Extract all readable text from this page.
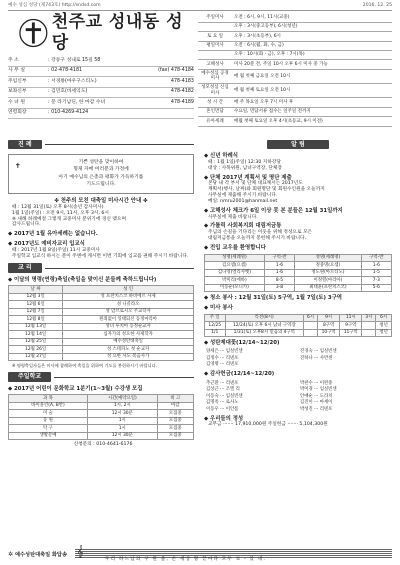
예수 성심 성당 (제743호) http://sndsd.com	2016. 12. 25
천주교 성내동 성당
주 소	: 강동구 성내로 15길 58
사 무 실	: 02-478-4181	(fax) 478-4184
주임신부	: 서경룡(마우구스티노)	478-4183
보좌신부	: 김민호(바세익도)	478-4182
수 녀 원	: 문 라기남딘, 한 마감 수녀	478-4189
연령회장	: 010-4269-4124
주일미사	오전 : 6시, 9시, 11시(교중)
	오후 : 3시(중고등부), 6시(청년)
토 요 일	오후 : 3시(초등부), 6시
평일미사	오전 : 6시(월, 화, 수, 금)
	오후 : 10시(화 · 금), 오후 : 7시(목)
고해성사	미사 20분 전, 주일 10시 오후 6시 미사 중 가능
예수성심 공경미사	매 월 첫째 금요일 오전 10시
성모성심 신심미사	매 월 첫째 토요일 오전 10시
성 시 간	매 주 목요일 오후 7시 미사 후
혼인면담	수요일, 면담서류 접수는 일주일 전까지
유아세례	매월 첫째 토요일 오후 4시(초등교, 9시 이전)
진 례
✝	기쁜 성탄을 맞이하여
형제 자매 여러분과 가정에
아기 예수님의 은총과 평화가 가득하기를
기도드립니다.
✤ 천주의 모친 대축일 미사시간 안내 ✤
때 : 12월 31일(토) 오후 8시(송년 감사미사)
1월 1일(주일) : 오전 9시, 11시, 오후 3시, 6시
※ 새해 하례예절 그렇게 교중미사 분위기에 경신 맺으며
감사드립니다.
◆ 2017년 1월 유아세례는 없습니다.
◆ 2017년도 예비자교리 입교식
때 : 2017년 1월 8일(주일) 11시 교중미사
주일학교 입교식 하시는 분이 주변에 계시면 이번 기회에 입교를 권해 주시기 바랍니다.
교 리
◆ 이달의 명령(연령)축일(축일을 맞이신 분들께 축하드립니다)
날 짜	성 인
12월 3일	성 프란치스코 하비에르 사제
12월 6일	성 니콜라오
12월 7일	성 암브로시오 주교학자
12월 8일	원죄없이 잉태되신 동정마리아
12월 13일	성녀 루치아 동정순교자
12월 14일	십자가의 성요한 사제학자
12월 25일	예수성탄대축일
12월 26일	성 스테파노 첫 순교자
12월 27일	성 요한 사도 복음사가
※ 명령축일자들은 미사에 참례하여 축일을 위하여 기도를 봉헌하시기 바랍니다.
주일학교
◆ 2017년 어린이 문화학교 1분기(1~3월) 수강생 모집
과 목	시간(예약요일)	비 고
바이올린(A, B반)	1시, 2시	마감
미 술	12시 30분	모집중
동 원	1시	모집중
탁 구	1시	모집중
생활문예	12시 30분	모집중
신청문의 : 010-4641-6176
알 림
◆ 신년 하례식
때 : 1월 1일(주일) 12:30 지하강당
대상 : 사목위원, 남녀구역장, 단체장
◆ 단체 2017년 계획서 및 명단 제출
본당 내 각 부서 및 단체 대표께서는 2017년도
계획서(행사, 날짜)와 회원명단 및 회원수인원을 오늘까지
사무실에 제출해 주시기 바랍니다.
메일: nmru2001@hanmail.net
◆ 고해성사 체크가 6일 이상 못 본 분들은 12월 31일까지
사무실에 제출 바랍니다.
◆ 가톨릭 사회복지회 대림저금통
주님의 손길을 기다리는 이웃을 위해 정성으로 모은
대림저금통을 오늘까지 봉헌해 주시기 바랍니다.
◆ 전입 교우를 환영합니다
성명(세례명)	구역-반	성명(세례명)	구역-반
김요셉(요셉)	1-6	정중명(요셉)	1-6
김나영(엘리사벳)	1-6	정도원(마르티노)	1-5
박미리(에바)	8-5	이정렬(마리아)	7-3
이동순(모니카)	3-8	최대윤(프란치스코)	5-6
◆ 청소 봉사 : 12월 31일(토) 5구역, 1월 7일(토) 3구역
◆ 미사 봉사
주 일	특전(8시)	6시	9시	11시	3시	6시
12/25	12/24(토) 오후 6시 남녀 구역장		8구역	9구역		청년
1/1	1/31(토) 오후8시 믿음의 4구역		10구역	11구역		청년
◆ 성탄제대꽃(12/14~12/20)
양세은 ··· 임실빈센	진경숙 ··· 임실빈센
김정수 ··· 리넨포	진하나 ··· 사반센
김영명 ··· 리넨포	
◆ 감사헌금(12/14~12/20)
추근환 ··· 리넨포	박관수 ··· 이완중
김상근 ··· 조엘 리	박미경 ··· 임실빈센
이동숙 ··· 임실빈센	안애순 ··· 도라치
김명옥 ··· 로사노	김진이 ··· 마세이
이동우 ··· 이안톰	박성진 ··· 리넨포
◆ 우리들의 정성
교무금 ······· 17,910,000원 주일헌금 ······· 5,104,300원
✲ 예수성탄대축일 화답송 𝄞
우리 하느님의 구 원 을, 온 세상 땅 끝마다 모두 보 - 았 네.
